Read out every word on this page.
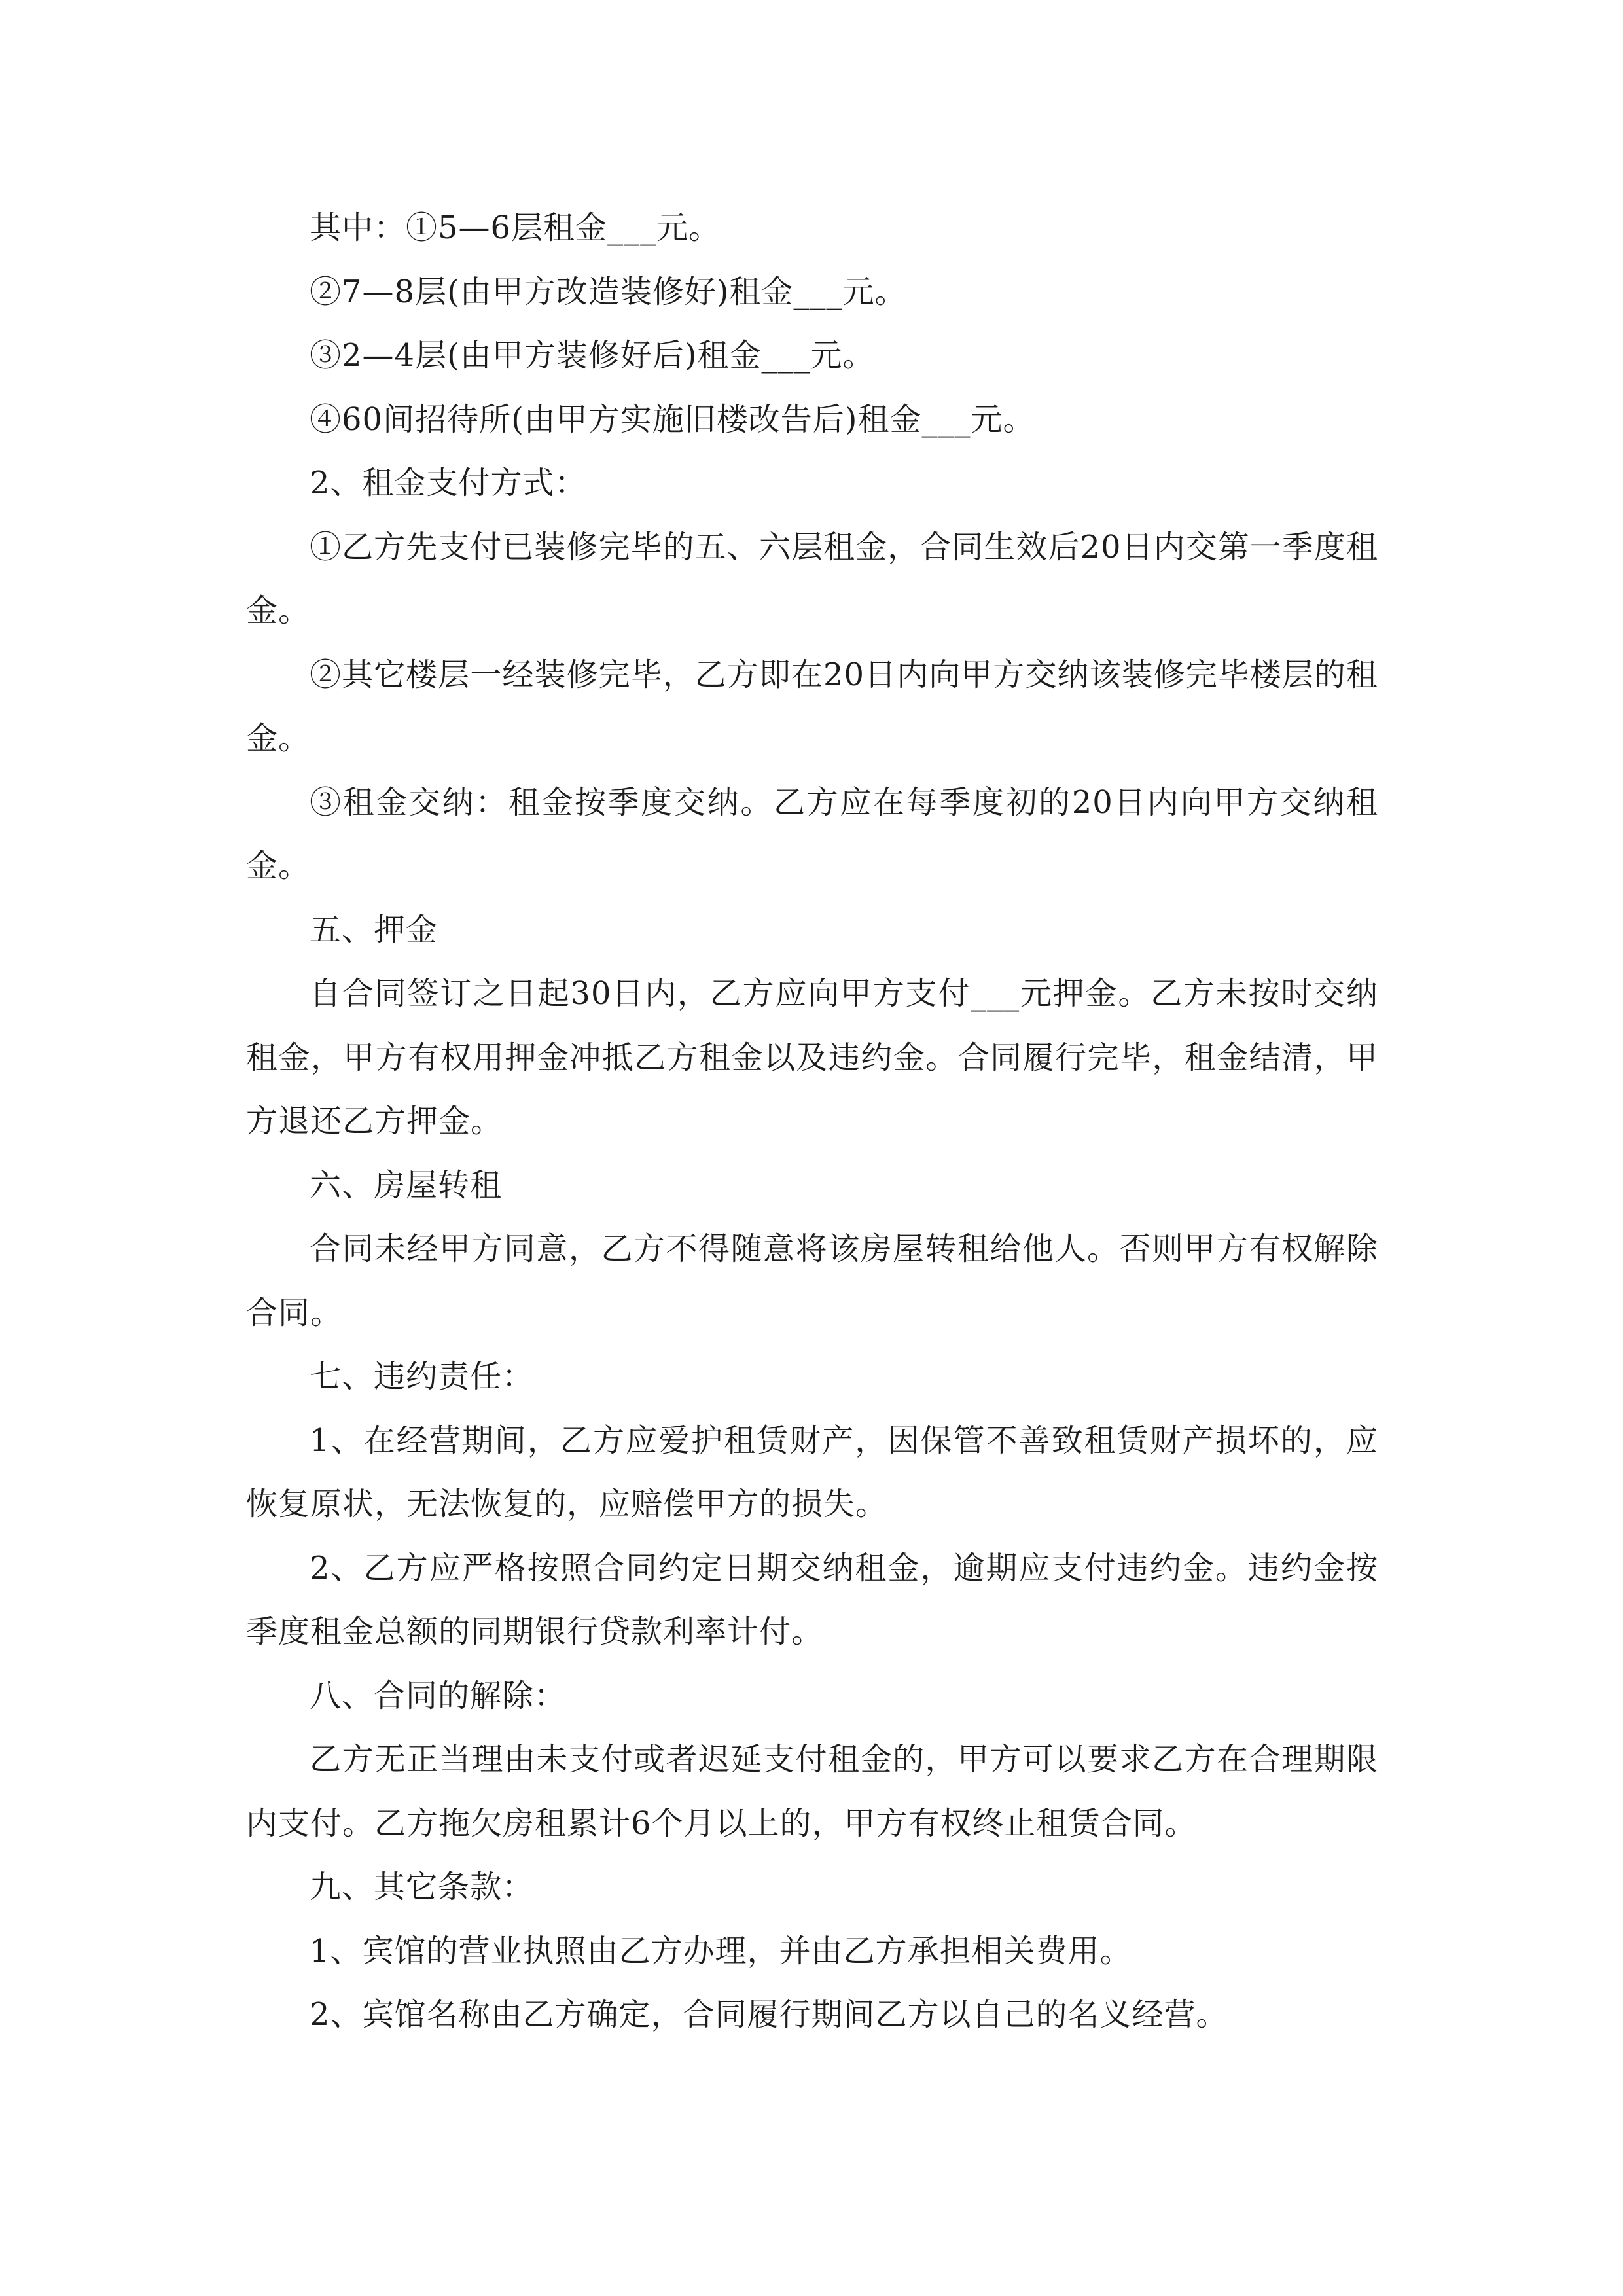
其中：①5—6层租金___元。

②7—8层(由甲方改造装修好)租金___元。

③2—4层(由甲方装修好后)租金___元。

④60间招待所(由甲方实施旧楼改告后)租金___元。

2、租金支付方式：

①乙方先支付已装修完毕的五、六层租金，合同生效后20日内交第一季度租金。

②其它楼层一经装修完毕，乙方即在20日内向甲方交纳该装修完毕楼层的租金。

③租金交纳：租金按季度交纳。乙方应在每季度初的20日内向甲方交纳租金。

五、押金

自合同签订之日起30日内，乙方应向甲方支付___元押金。乙方未按时交纳租金，甲方有权用押金冲抵乙方租金以及违约金。合同履行完毕，租金结清，甲方退还乙方押金。

六、房屋转租

合同未经甲方同意，乙方不得随意将该房屋转租给他人。否则甲方有权解除合同。

七、违约责任：

1、在经营期间，乙方应爱护租赁财产，因保管不善致租赁财产损坏的，应恢复原状，无法恢复的，应赔偿甲方的损失。

2、乙方应严格按照合同约定日期交纳租金，逾期应支付违约金。违约金按季度租金总额的同期银行贷款利率计付。

八、合同的解除：

乙方无正当理由未支付或者迟延支付租金的，甲方可以要求乙方在合理期限内支付。乙方拖欠房租累计6个月以上的，甲方有权终止租赁合同。

九、其它条款：

1、宾馆的营业执照由乙方办理，并由乙方承担相关费用。

2、宾馆名称由乙方确定，合同履行期间乙方以自己的名义经营。
